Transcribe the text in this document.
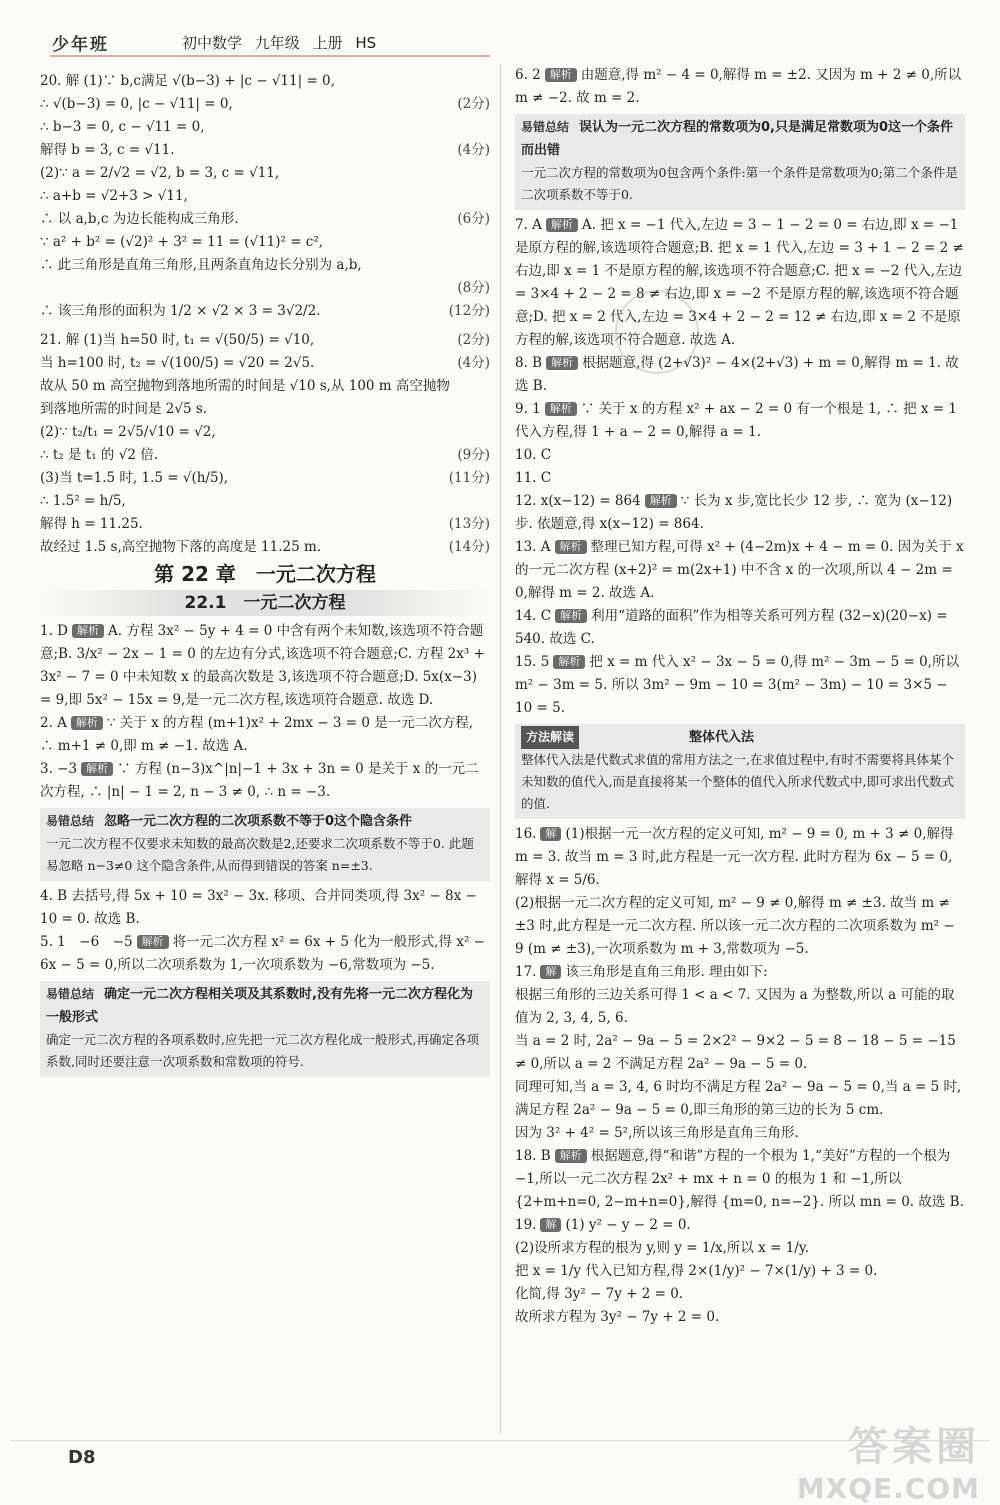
少年班	初中数学 九年级 上册 HS
20. 解 (1)∵ b,c满足 √(b−3) + |c − √11| = 0,
∴ √(b−3) = 0, |c − √11| = 0,	(2分)
∴ b−3 = 0, c − √11 = 0,
解得 b = 3, c = √11.	(4分)
(2)∵ a = 2/√2 = √2, b = 3, c = √11,
∴ a+b = √2+3 > √11,
∴ 以 a,b,c 为边长能构成三角形.	(6分)
∵ a² + b² = (√2)² + 3² = 11 = (√11)² = c²,
∴ 此三角形是直角三角形,且两条直角边长分别为 a,b,
(8分)
∴ 该三角形的面积为 1/2 × √2 × 3 = 3√2/2.	(12分)
21. 解 (1)当 h=50 时, t₁ = √(50/5) = √10,	(2分)
当 h=100 时, t₂ = √(100/5) = √20 = 2√5.	(4分)
故从 50 m 高空抛物到落地所需的时间是 √10 s,从 100 m 高空抛物
到落地所需的时间是 2√5 s.
(2)∵ t₂/t₁ = 2√5/√10 = √2,
∴ t₂ 是 t₁ 的 √2 倍.	(9分)
(3)当 t=1.5 时, 1.5 = √(h/5),	(11分)
∴ 1.5² = h/5,
解得 h = 11.25.	(13分)
故经过 1.5 s,高空抛物下落的高度是 11.25 m.	(14分)
第 22 章　一元二次方程
22.1　一元二次方程
1. D 解析 A. 方程 3x² − 5y + 4 = 0 中含有两个未知数,该选项不符合题意;B. 3/x² − 2x − 1 = 0 的左边有分式,该选项不符合题意;C. 方程 2x³ + 3x² − 7 = 0 中未知数 x 的最高次数是 3,该选项不符合题意;D. 5x(x−3) = 9,即 5x² − 15x = 9,是一元二次方程,该选项符合题意. 故选 D.
2. A 解析 ∵ 关于 x 的方程 (m+1)x² + 2mx − 3 = 0 是一元二次方程, ∴ m+1 ≠ 0,即 m ≠ −1. 故选 A.
3. −3 解析 ∵ 方程 (n−3)x^|n|−1 + 3x + 3n = 0 是关于 x 的一元二次方程, ∴ |n| − 1 = 2, n − 3 ≠ 0, ∴ n = −3.
易错总结 忽略一元二次方程的二次项系数不等于0这个隐含条件
一元二次方程不仅要求未知数的最高次数是2,还要求二次项系数不等于0. 此题易忽略 n−3≠0 这个隐含条件,从而得到错误的答案 n=±3.
4. B 去括号,得 5x + 10 = 3x² − 3x. 移项、合并同类项,得 3x² − 8x − 10 = 0. 故选 B.
5. 1　−6　−5 解析 将一元二次方程 x² = 6x + 5 化为一般形式,得 x² − 6x − 5 = 0,所以二次项系数为 1,一次项系数为 −6,常数项为 −5.
易错总结 确定一元二次方程相关项及其系数时,没有先将一元二次方程化为一般形式
确定一元二次方程的各项系数时,应先把一元二次方程化成一般形式,再确定各项系数,同时还要注意一次项系数和常数项的符号.
6. 2 解析 由题意,得 m² − 4 = 0,解得 m = ±2. 又因为 m + 2 ≠ 0,所以 m ≠ −2. 故 m = 2.
易错总结 误认为一元二次方程的常数项为0,只是满足常数项为0这一个条件而出错
一元二次方程的常数项为0包含两个条件:第一个条件是常数项为0;第二个条件是二次项系数不等于0.
7. A 解析 A. 把 x = −1 代入,左边 = 3 − 1 − 2 = 0 = 右边,即 x = −1 是原方程的解,该选项符合题意;B. 把 x = 1 代入,左边 = 3 + 1 − 2 = 2 ≠ 右边,即 x = 1 不是原方程的解,该选项不符合题意;C. 把 x = −2 代入,左边 = 3×4 + 2 − 2 = 8 ≠ 右边,即 x = −2 不是原方程的解,该选项不符合题意;D. 把 x = 2 代入,左边 = 3×4 + 2 − 2 = 12 ≠ 右边,即 x = 2 不是原方程的解,该选项不符合题意. 故选 A.
8. B 解析 根据题意,得 (2+√3)² − 4×(2+√3) + m = 0,解得 m = 1. 故选 B.
9. 1 解析 ∵ 关于 x 的方程 x² + ax − 2 = 0 有一个根是 1, ∴ 把 x = 1 代入方程,得 1 + a − 2 = 0,解得 a = 1.
10. C
11. C
12. x(x−12) = 864 解析 ∵ 长为 x 步,宽比长少 12 步, ∴ 宽为 (x−12) 步. 依题意,得 x(x−12) = 864.
13. A 解析 整理已知方程,可得 x² + (4−2m)x + 4 − m = 0. 因为关于 x 的一元二次方程 (x+2)² = m(2x+1) 中不含 x 的一次项,所以 4 − 2m = 0,解得 m = 2. 故选 A.
14. C 解析 利用“道路的面积”作为相等关系可列方程 (32−x)(20−x) = 540. 故选 C.
15. 5 解析 把 x = m 代入 x² − 3x − 5 = 0,得 m² − 3m − 5 = 0,所以 m² − 3m = 5. 所以 3m² − 9m − 10 = 3(m² − 3m) − 10 = 3×5 − 10 = 5.
方法解读	整体代入法
整体代入法是代数式求值的常用方法之一,在求值过程中,有时不需要将具体某个未知数的值代入,而是直接将某一个整体的值代入所求代数式中,即可求出代数式的值.
16. 解 (1)根据一元一次方程的定义可知, m² − 9 = 0, m + 3 ≠ 0,解得 m = 3. 故当 m = 3 时,此方程是一元一次方程. 此时方程为 6x − 5 = 0,解得 x = 5/6.
(2)根据一元二次方程的定义可知, m² − 9 ≠ 0,解得 m ≠ ±3. 故当 m ≠ ±3 时,此方程是一元二次方程. 所以该一元二次方程的二次项系数为 m² − 9 (m ≠ ±3),一次项系数为 m + 3,常数项为 −5.
17. 解 该三角形是直角三角形. 理由如下:
根据三角形的三边关系可得 1 < a < 7. 又因为 a 为整数,所以 a 可能的取值为 2, 3, 4, 5, 6.
当 a = 2 时, 2a² − 9a − 5 = 2×2² − 9×2 − 5 = 8 − 18 − 5 = −15 ≠ 0,所以 a = 2 不满足方程 2a² − 9a − 5 = 0.
同理可知,当 a = 3, 4, 6 时均不满足方程 2a² − 9a − 5 = 0,当 a = 5 时,满足方程 2a² − 9a − 5 = 0,即三角形的第三边的长为 5 cm.
因为 3² + 4² = 5²,所以该三角形是直角三角形.
18. B 解析 根据题意,得“和谐”方程的一个根为 1,“美好”方程的一个根为 −1,所以一元二次方程 2x² + mx + n = 0 的根为 1 和 −1,所以 {2+m+n=0, 2−m+n=0},解得 {m=0, n=−2}. 所以 mn = 0. 故选 B.
19. 解 (1) y² − y − 2 = 0.
(2)设所求方程的根为 y,则 y = 1/x,所以 x = 1/y.
把 x = 1/y 代入已知方程,得 2×(1/y)² − 7×(1/y) + 3 = 0.
化简,得 3y² − 7y + 2 = 0.
故所求方程为 3y² − 7y + 2 = 0.
D8	答案圈
MXQE.COM
